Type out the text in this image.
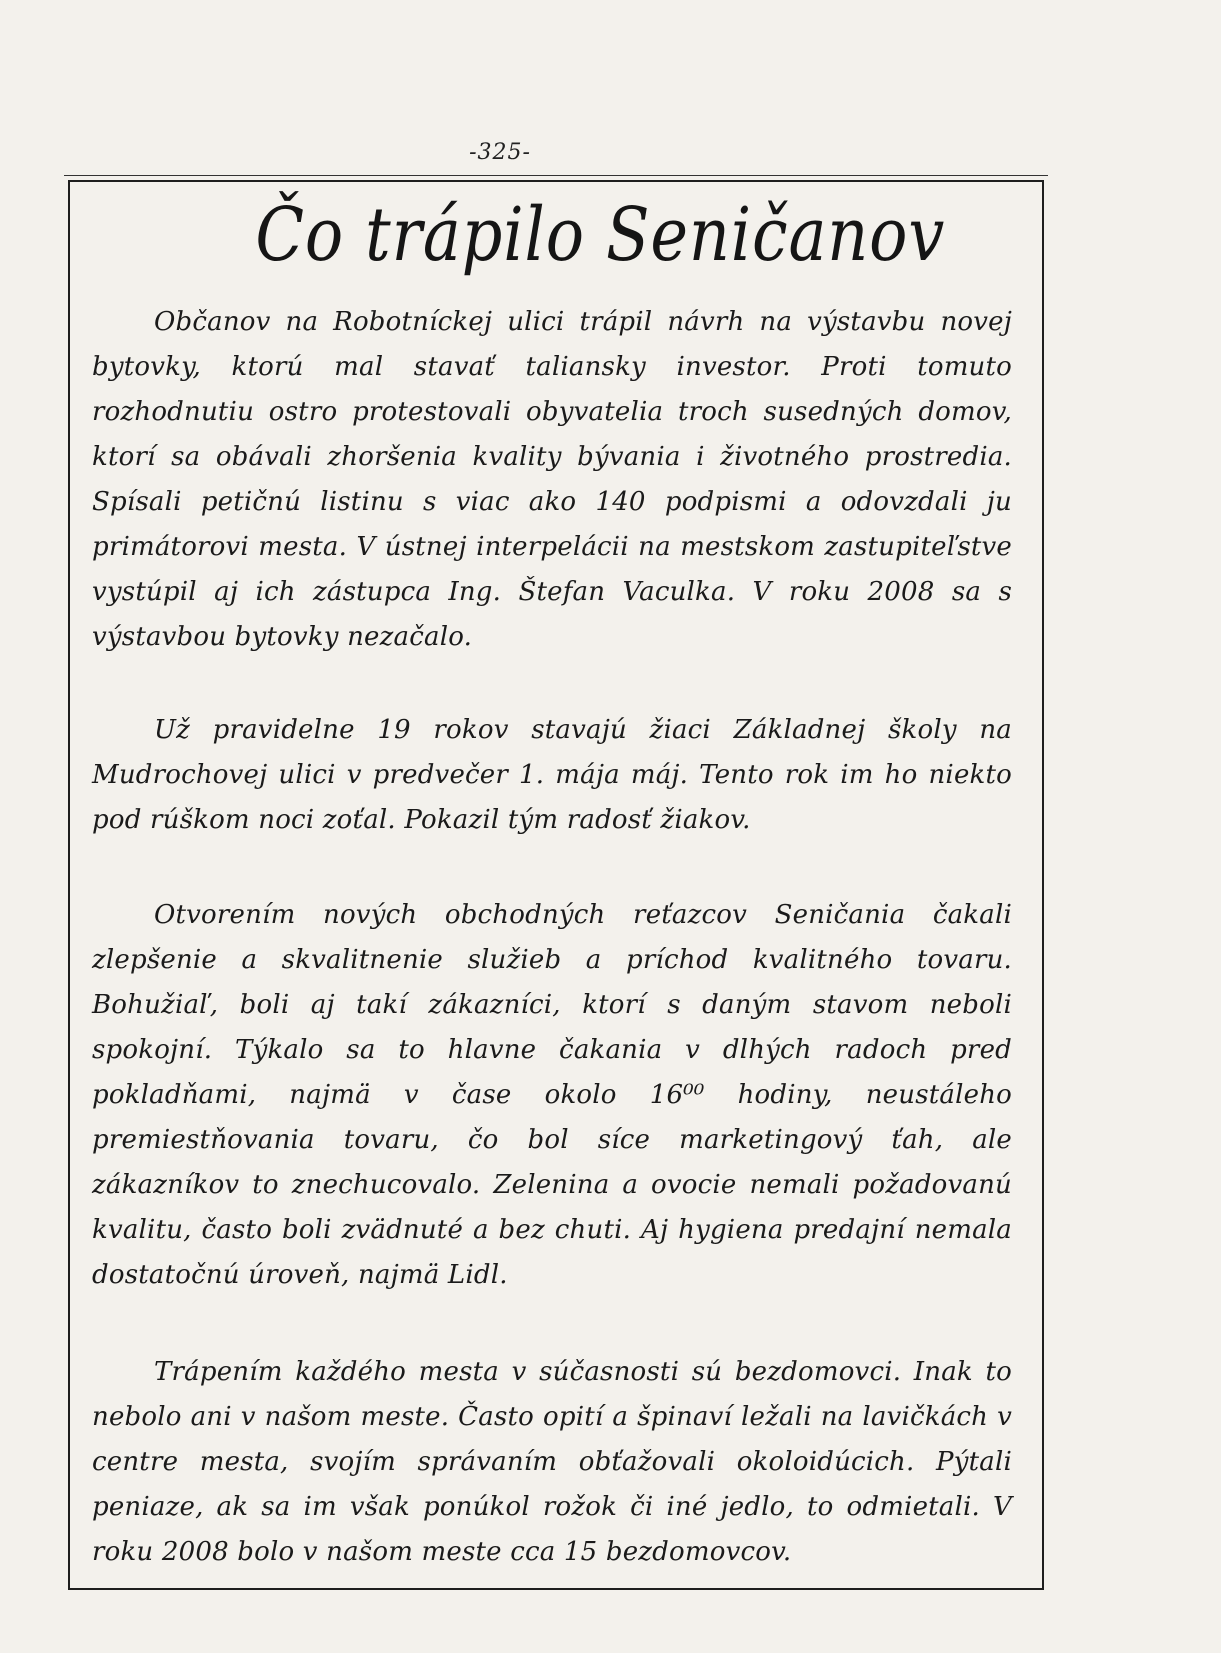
-325-
Čo trápilo Seničanov

Občanov na Robotníckej ulici trápil návrh na výstavbu novej bytovky, ktorú mal stavať taliansky investor. Proti tomuto rozhodnutiu ostro protestovali obyvatelia troch susedných domov, ktorí sa obávali zhoršenia kvality bývania i životného prostredia. Spísali petičnú listinu s viac ako 140 podpismi a odovzdali ju primátorovi mesta. V ústnej interpelácii na mestskom zastupiteľstve vystúpil aj ich zástupca Ing. Štefan Vaculka. V roku 2008 sa s výstavbou bytovky nezačalo.

Už pravidelne 19 rokov stavajú žiaci Základnej školy na Mudrochovej ulici v predvečer 1. mája máj. Tento rok im ho niekto pod rúškom noci zoťal. Pokazil tým radosť žiakov.

Otvorením nových obchodných reťazcov Seničania čakali zlepšenie a skvalitnenie služieb a príchod kvalitného tovaru. Bohužiaľ, boli aj takí zákazníci, ktorí s daným stavom neboli spokojní. Týkalo sa to hlavne čakania v dlhých radoch pred pokladňami, najmä v čase okolo 16⁰⁰ hodiny, neustáleho premiestňovania tovaru, čo bol síce marketingový ťah, ale zákazníkov to znechucovalo. Zelenina a ovocie nemali požadovanú kvalitu, často boli zvädnuté a bez chuti. Aj hygiena predajní nemala dostatočnú úroveň, najmä Lidl.

Trápením každého mesta v súčasnosti sú bezdomovci. Inak to nebolo ani v našom meste. Často opití a špinaví ležali na lavičkách v centre mesta, svojím správaním obťažovali okoloidúcich. Pýtali peniaze, ak sa im však ponúkol rožok či iné jedlo, to odmietali. V roku 2008 bolo v našom meste cca 15 bezdomovcov.
